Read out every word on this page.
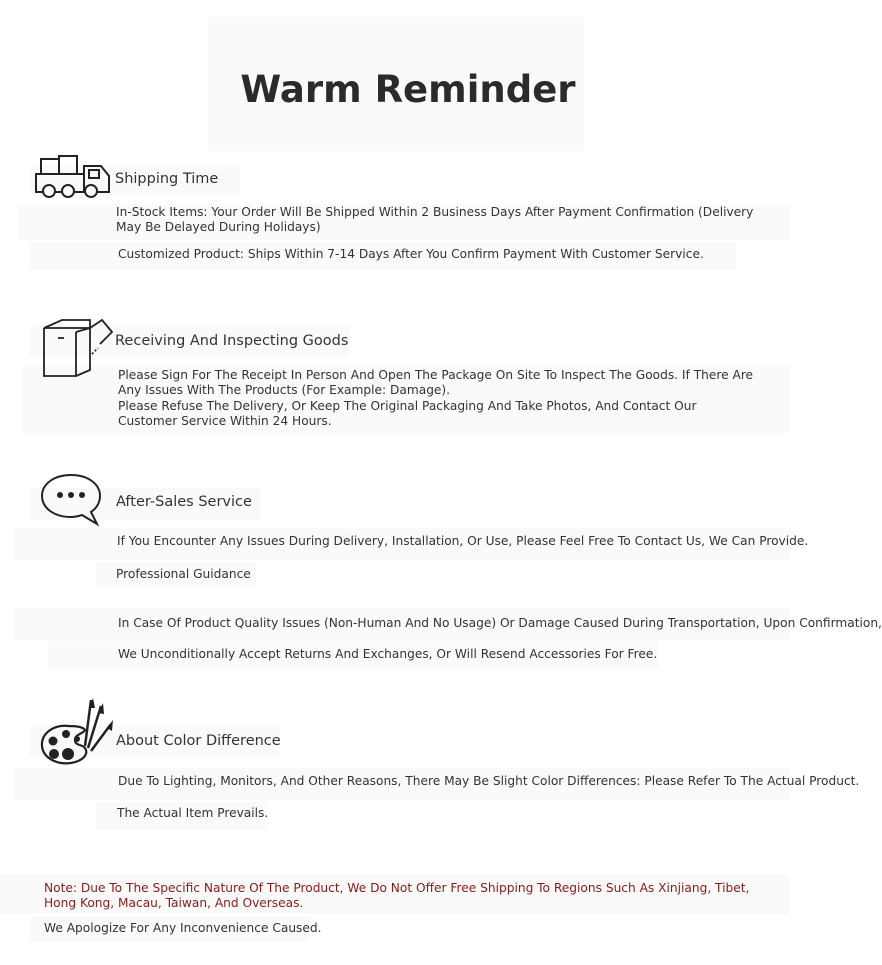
Warm Reminder
Shipping Time
In-Stock Items: Your Order Will Be Shipped Within 2 Business Days After Payment Confirmation (Delivery May Be Delayed During Holidays)
Customized Product: Ships Within 7-14 Days After You Confirm Payment With Customer Service.
Receiving And Inspecting Goods
Please Sign For The Receipt In Person And Open The Package On Site To Inspect The Goods. If There Are Any Issues With The Products (For Example: Damage).
Please Refuse The Delivery, Or Keep The Original Packaging And Take Photos, And Contact Our Customer Service Within 24 Hours.
After-Sales Service
If You Encounter Any Issues During Delivery, Installation, Or Use, Please Feel Free To Contact Us, We Can Provide.
Professional Guidance
In Case Of Product Quality Issues (Non-Human And No Usage) Or Damage Caused During Transportation, Upon Confirmation,
We Unconditionally Accept Returns And Exchanges, Or Will Resend Accessories For Free.
About Color Difference
Due To Lighting, Monitors, And Other Reasons, There May Be Slight Color Differences: Please Refer To The Actual Product.
The Actual Item Prevails.
Note: Due To The Specific Nature Of The Product, We Do Not Offer Free Shipping To Regions Such As Xinjiang, Tibet, Hong Kong, Macau, Taiwan, And Overseas.
We Apologize For Any Inconvenience Caused.
